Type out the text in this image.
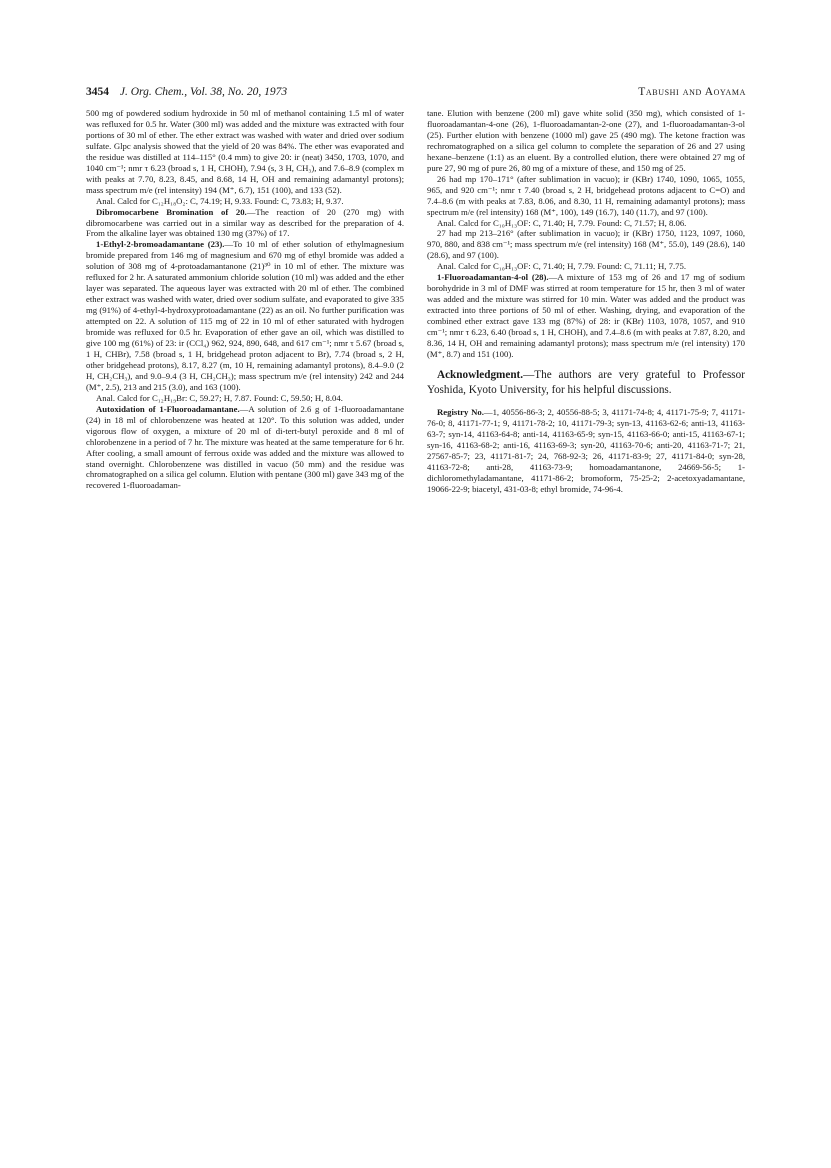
3454 J. Org. Chem., Vol. 38, No. 20, 1973	Tabushi and Aoyama

500 mg of powdered sodium hydroxide in 50 ml of methanol containing 1.5 ml of water was refluxed for 0.5 hr. Water (300 ml) was added and the mixture was extracted with four portions of 30 ml of ether. The ether extract was washed with water and dried over sodium sulfate. Glpc analysis showed that the yield of 20 was 84%. The ether was evaporated and the residue was distilled at 114–115° (0.4 mm) to give 20: ir (neat) 3450, 1703, 1070, and 1040 cm⁻¹; nmr τ 6.23 (broad s, 1 H, CHOH), 7.94 (s, 3 H, CH₃), and 7.6–8.9 (complex m with peaks at 7.70, 8.23, 8.45, and 8.68, 14 H, OH and remaining adamantyl protons); mass spectrum m/e (rel intensity) 194 (M⁺, 6.7), 151 (100), and 133 (52).

Anal. Calcd for C₁₂H₁₈O₂: C, 74.19; H, 9.33. Found: C, 73.83; H, 9.37.

Dibromocarbene Bromination of 20.—The reaction of 20 (270 mg) with dibromocarbene was carried out in a similar way as described for the preparation of 4. From the alkaline layer was obtained 130 mg (37%) of 17.

1-Ethyl-2-bromoadamantane (23).—To 10 ml of ether solution of ethylmagnesium bromide prepared from 146 mg of magnesium and 670 mg of ethyl bromide was added a solution of 308 mg of 4-protoadamantanone (21)³⁰ in 10 ml of ether. The mixture was refluxed for 2 hr. A saturated ammonium chloride solution (10 ml) was added and the ether layer was separated. The aqueous layer was extracted with 20 ml of ether. The combined ether extract was washed with water, dried over sodium sulfate, and evaporated to give 335 mg (91%) of 4-ethyl-4-hydroxyprotoadamantane (22) as an oil. No further purification was attempted on 22. A solution of 115 mg of 22 in 10 ml of ether saturated with hydrogen bromide was refluxed for 0.5 hr. Evaporation of ether gave an oil, which was distilled to give 100 mg (61%) of 23: ir (CCl₄) 962, 924, 890, 648, and 617 cm⁻¹; nmr τ 5.67 (broad s, 1 H, CHBr), 7.58 (broad s, 1 H, bridgehead proton adjacent to Br), 7.74 (broad s, 2 H, other bridgehead protons), 8.17, 8.27 (m, 10 H, remaining adamantyl protons), 8.4–9.0 (2 H, CH₂CH₃), and 9.0–9.4 (3 H, CH₂CH₃); mass spectrum m/e (rel intensity) 242 and 244 (M⁺, 2.5), 213 and 215 (3.0), and 163 (100).

Anal. Calcd for C₁₂H₁₉Br: C, 59.27; H, 7.87. Found: C, 59.50; H, 8.04.

Autoxidation of 1-Fluoroadamantane.—A solution of 2.6 g of 1-fluoroadamantane (24) in 18 ml of chlorobenzene was heated at 120°. To this solution was added, under vigorous flow of oxygen, a mixture of 20 ml of di-tert-butyl peroxide and 8 ml of chlorobenzene in a period of 7 hr. The mixture was heated at the same temperature for 6 hr. After cooling, a small amount of ferrous oxide was added and the mixture was allowed to stand overnight. Chlorobenzene was distilled in vacuo (50 mm) and the residue was chromatographed on a silica gel column. Elution with pentane (300 ml) gave 343 mg of the recovered 1-fluoroadaman-

tane. Elution with benzene (200 ml) gave white solid (350 mg), which consisted of 1-fluoroadamantan-4-one (26), 1-fluoroadamantan-2-one (27), and 1-fluoroadamantan-3-ol (25). Further elution with benzene (1000 ml) gave 25 (490 mg). The ketone fraction was rechromatographed on a silica gel column to complete the separation of 26 and 27 using hexane–benzene (1:1) as an eluent. By a controlled elution, there were obtained 27 mg of pure 27, 90 mg of pure 26, 80 mg of a mixture of these, and 150 mg of 25.

26 had mp 170–171° (after sublimation in vacuo); ir (KBr) 1740, 1090, 1065, 1055, 965, and 920 cm⁻¹; nmr τ 7.40 (broad s, 2 H, bridgehead protons adjacent to C=O) and 7.4–8.6 (m with peaks at 7.83, 8.06, and 8.30, 11 H, remaining adamantyl protons); mass spectrum m/e (rel intensity) 168 (M⁺, 100), 149 (16.7), 140 (11.7), and 97 (100).

Anal. Calcd for C₁₀H₁₃OF: C, 71.40; H, 7.79. Found: C, 71.57; H, 8.06.

27 had mp 213–216° (after sublimation in vacuo); ir (KBr) 1750, 1123, 1097, 1060, 970, 880, and 838 cm⁻¹; mass spectrum m/e (rel intensity) 168 (M⁺, 55.0), 149 (28.6), 140 (28.6), and 97 (100).

Anal. Calcd for C₁₀H₁₃OF: C, 71.40; H, 7.79. Found: C, 71.11; H, 7.75.

1-Fluoroadamantan-4-ol (28).—A mixture of 153 mg of 26 and 17 mg of sodium borohydride in 3 ml of DMF was stirred at room temperature for 15 hr, then 3 ml of water was added and the mixture was stirred for 10 min. Water was added and the product was extracted into three portions of 50 ml of ether. Washing, drying, and evaporation of the combined ether extract gave 133 mg (87%) of 28: ir (KBr) 1103, 1078, 1057, and 910 cm⁻¹; nmr τ 6.23, 6.40 (broad s, 1 H, CHOH), and 7.4–8.6 (m with peaks at 7.87, 8.20, and 8.36, 14 H, OH and remaining adamantyl protons); mass spectrum m/e (rel intensity) 170 (M⁺, 8.7) and 151 (100).

Acknowledgment.—The authors are very grateful to Professor Yoshida, Kyoto University, for his helpful discussions.

Registry No.—1, 40556-86-3; 2, 40556-88-5; 3, 41171-74-8; 4, 41171-75-9; 7, 41171-76-0; 8, 41171-77-1; 9, 41171-78-2; 10, 41171-79-3; syn-13, 41163-62-6; anti-13, 41163-63-7; syn-14, 41163-64-8; anti-14, 41163-65-9; syn-15, 41163-66-0; anti-15, 41163-67-1; syn-16, 41163-68-2; anti-16, 41163-69-3; syn-20, 41163-70-6; anti-20, 41163-71-7; 21, 27567-85-7; 23, 41171-81-7; 24, 768-92-3; 26, 41171-83-9; 27, 41171-84-0; syn-28, 41163-72-8; anti-28, 41163-73-9; homoadamantanone, 24669-56-5; 1-dichloromethyladamantane, 41171-86-2; bromoform, 75-25-2; 2-acetoxyadamantane, 19066-22-9; biacetyl, 431-03-8; ethyl bromide, 74-96-4.
